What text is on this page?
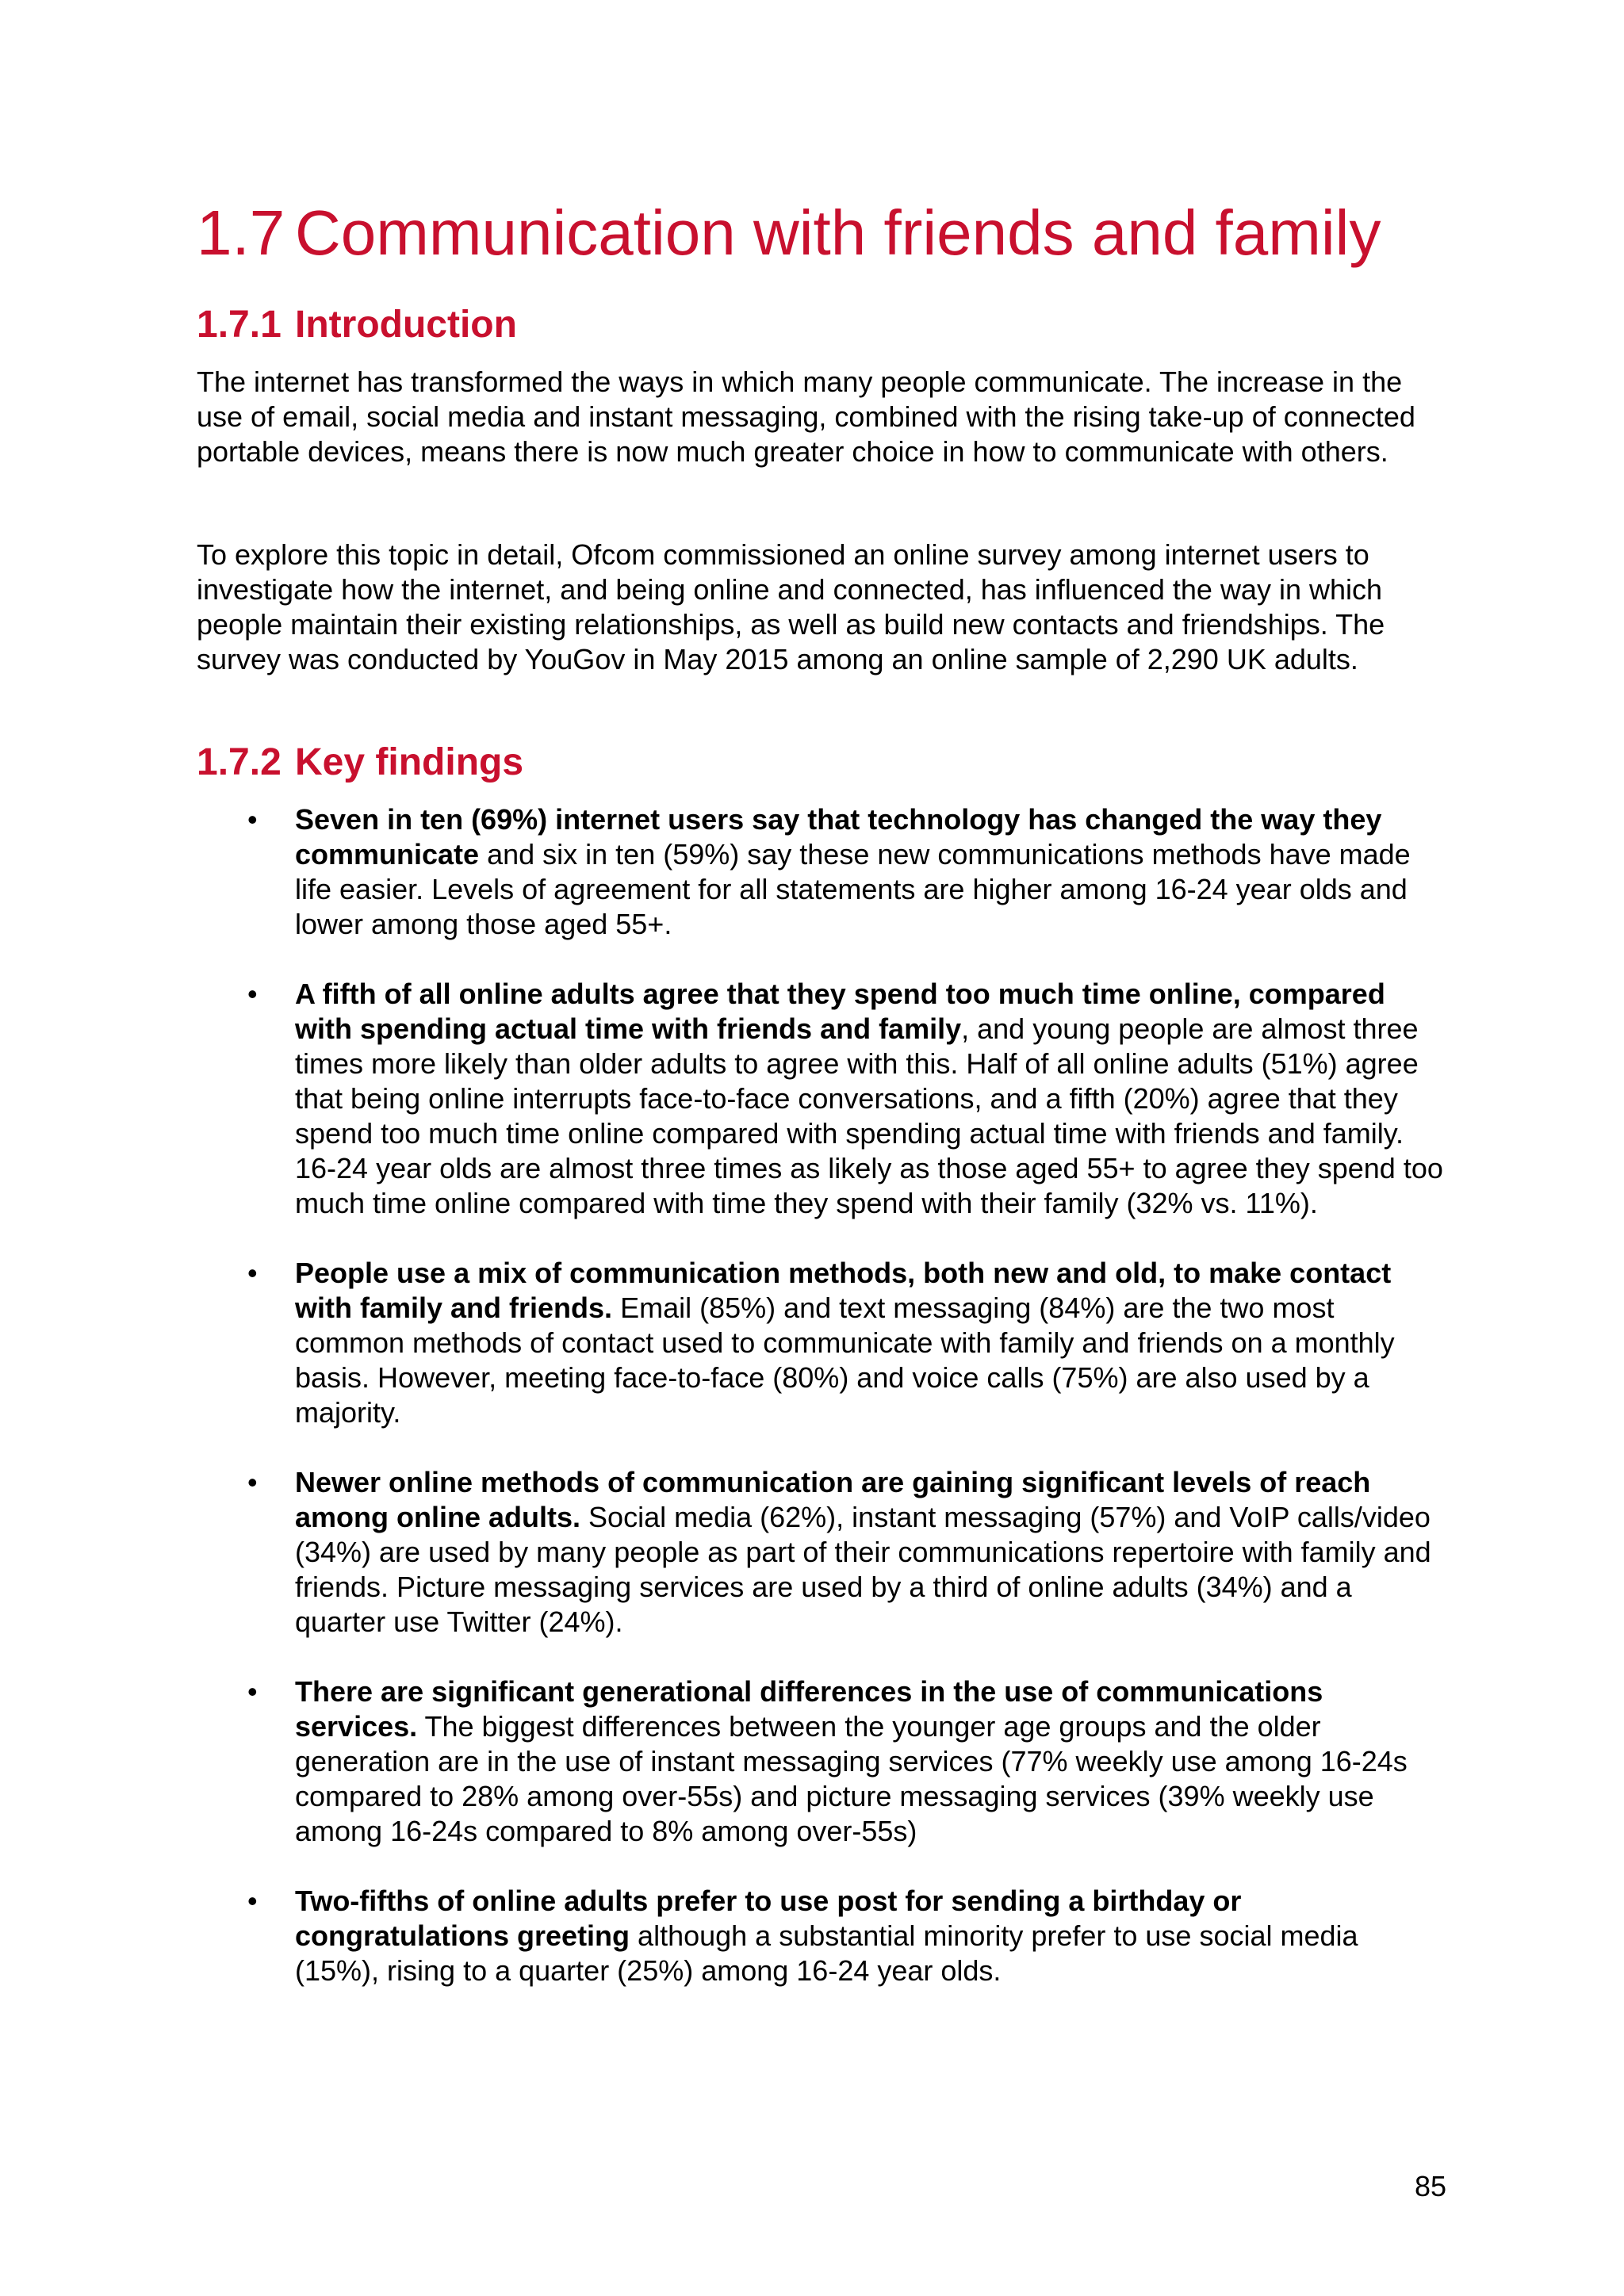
1.7 Communication with friends and family
1.7.1 Introduction

The internet has transformed the ways in which many people communicate. The increase in the use of email, social media and instant messaging, combined with the rising take-up of connected portable devices, means there is now much greater choice in how to communicate with others.

To explore this topic in detail, Ofcom commissioned an online survey among internet users to investigate how the internet, and being online and connected, has influenced the way in which people maintain their existing relationships, as well as build new contacts and friendships. The survey was conducted by YouGov in May 2015 among an online sample of 2,290 UK adults.

1.7.2 Key findings
• Seven in ten (69%) internet users say that technology has changed the way they communicate and six in ten (59%) say these new communications methods have made life easier. Levels of agreement for all statements are higher among 16-24 year olds and lower among those aged 55+.
• A fifth of all online adults agree that they spend too much time online, compared with spending actual time with friends and family, and young people are almost three times more likely than older adults to agree with this. Half of all online adults (51%) agree that being online interrupts face-to-face conversations, and a fifth (20%) agree that they spend too much time online compared with spending actual time with friends and family. 16-24 year olds are almost three times as likely as those aged 55+ to agree they spend too much time online compared with time they spend with their family (32% vs. 11%).
• People use a mix of communication methods, both new and old, to make contact with family and friends. Email (85%) and text messaging (84%) are the two most common methods of contact used to communicate with family and friends on a monthly basis. However, meeting face-to-face (80%) and voice calls (75%) are also used by a majority.
• Newer online methods of communication are gaining significant levels of reach among online adults. Social media (62%), instant messaging (57%) and VoIP calls/video (34%) are used by many people as part of their communications repertoire with family and friends. Picture messaging services are used by a third of online adults (34%) and a quarter use Twitter (24%).
• There are significant generational differences in the use of communications services. The biggest differences between the younger age groups and the older generation are in the use of instant messaging services (77% weekly use among 16-24s compared to 28% among over-55s) and picture messaging services (39% weekly use among 16-24s compared to 8% among over-55s)
• Two-fifths of online adults prefer to use post for sending a birthday or congratulations greeting although a substantial minority prefer to use social media (15%), rising to a quarter (25%) among 16-24 year olds.
85
